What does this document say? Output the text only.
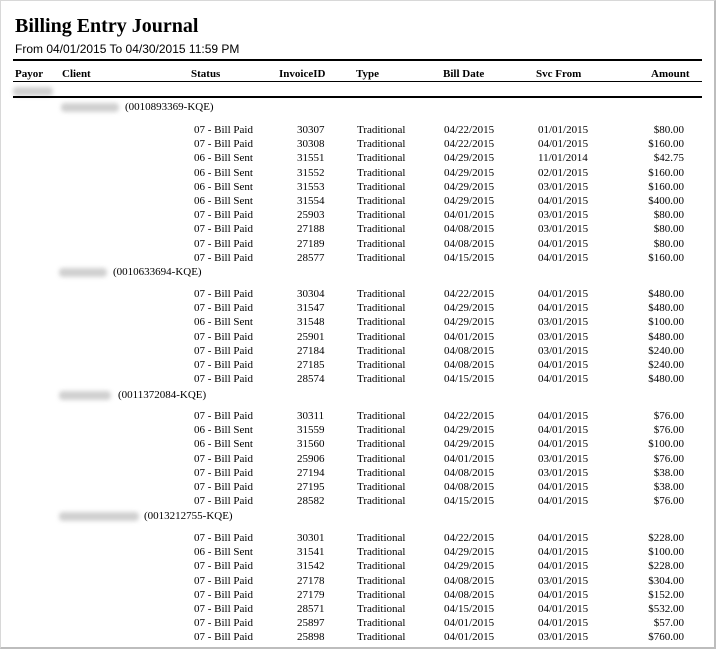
Billing Entry Journal
From 04/01/2015 To 04/30/2015 11:59 PM
Payor Client	Status	InvoiceID	Type	Bill Date	Svc From	Amount
(0010893369-KQE)
07 - Bill Paid	30307	Traditional	04/22/2015	01/01/2015	$80.00
07 - Bill Paid	30308	Traditional	04/22/2015	04/01/2015	$160.00
06 - Bill Sent	31551	Traditional	04/29/2015	11/01/2014	$42.75
06 - Bill Sent	31552	Traditional	04/29/2015	02/01/2015	$160.00
06 - Bill Sent	31553	Traditional	04/29/2015	03/01/2015	$160.00
06 - Bill Sent	31554	Traditional	04/29/2015	04/01/2015	$400.00
07 - Bill Paid	25903	Traditional	04/01/2015	03/01/2015	$80.00
07 - Bill Paid	27188	Traditional	04/08/2015	03/01/2015	$80.00
07 - Bill Paid	27189	Traditional	04/08/2015	04/01/2015	$80.00
07 - Bill Paid	28577	Traditional	04/15/2015	04/01/2015	$160.00
(0010633694-KQE)
07 - Bill Paid	30304	Traditional	04/22/2015	04/01/2015	$480.00
07 - Bill Paid	31547	Traditional	04/29/2015	04/01/2015	$480.00
06 - Bill Sent	31548	Traditional	04/29/2015	03/01/2015	$100.00
07 - Bill Paid	25901	Traditional	04/01/2015	03/01/2015	$480.00
07 - Bill Paid	27184	Traditional	04/08/2015	03/01/2015	$240.00
07 - Bill Paid	27185	Traditional	04/08/2015	04/01/2015	$240.00
07 - Bill Paid	28574	Traditional	04/15/2015	04/01/2015	$480.00
(0011372084-KQE)
07 - Bill Paid	30311	Traditional	04/22/2015	04/01/2015	$76.00
06 - Bill Sent	31559	Traditional	04/29/2015	04/01/2015	$76.00
06 - Bill Sent	31560	Traditional	04/29/2015	04/01/2015	$100.00
07 - Bill Paid	25906	Traditional	04/01/2015	03/01/2015	$76.00
07 - Bill Paid	27194	Traditional	04/08/2015	03/01/2015	$38.00
07 - Bill Paid	27195	Traditional	04/08/2015	04/01/2015	$38.00
07 - Bill Paid	28582	Traditional	04/15/2015	04/01/2015	$76.00
(0013212755-KQE)
07 - Bill Paid	30301	Traditional	04/22/2015	04/01/2015	$228.00
06 - Bill Sent	31541	Traditional	04/29/2015	04/01/2015	$100.00
07 - Bill Paid	31542	Traditional	04/29/2015	04/01/2015	$228.00
07 - Bill Paid	27178	Traditional	04/08/2015	03/01/2015	$304.00
07 - Bill Paid	27179	Traditional	04/08/2015	04/01/2015	$152.00
07 - Bill Paid	28571	Traditional	04/15/2015	04/01/2015	$532.00
07 - Bill Paid	25897	Traditional	04/01/2015	04/01/2015	$57.00
07 - Bill Paid	25898	Traditional	04/01/2015	03/01/2015	$760.00
